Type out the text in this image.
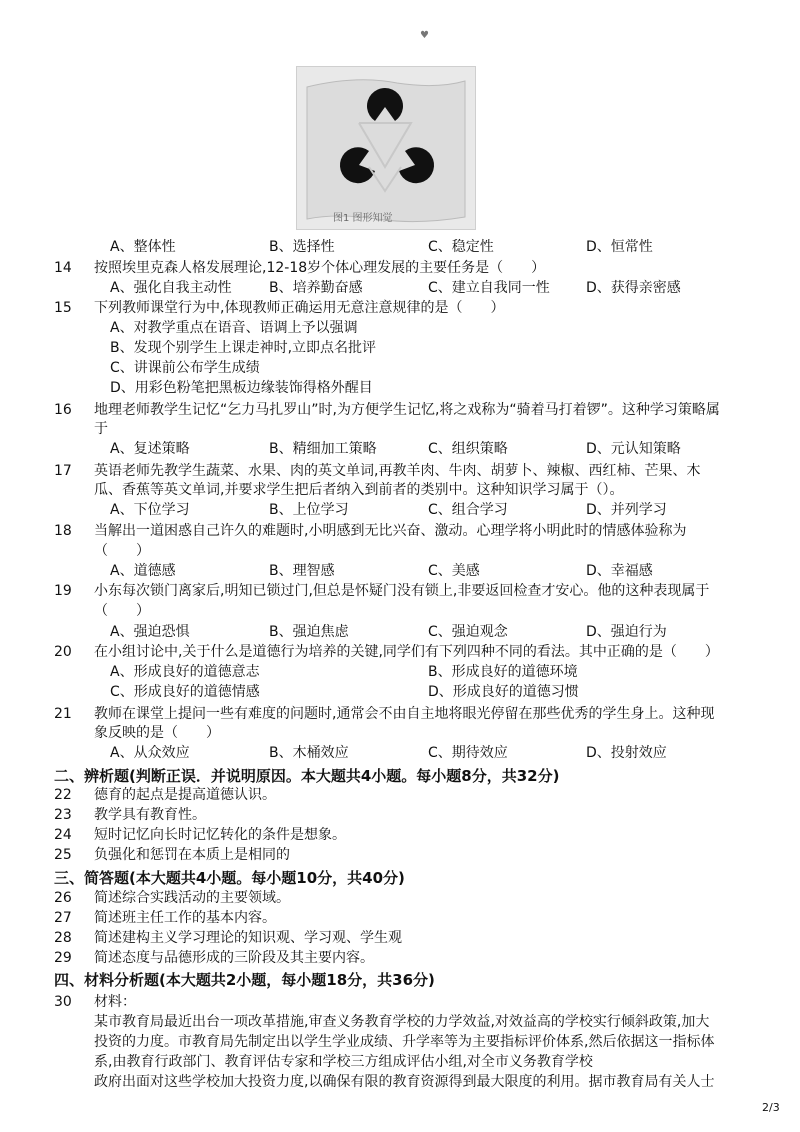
♥
图1 图形知觉
A、整体性	B、选择性	C、稳定性	D、恒常性
14	按照埃里克森人格发展理论,12-18岁个体心理发展的主要任务是（　　）
A、强化自我主动性	B、培养勤奋感	C、建立自我同一性	D、获得亲密感
15	下列教师课堂行为中,体现教师正确运用无意注意规律的是（　　）
A、对教学重点在语音、语调上予以强调
B、发现个别学生上课走神时,立即点名批评
C、讲课前公布学生成绩
D、用彩色粉笔把黑板边缘装饰得格外醒目
16	地理老师教学生记忆“乞力马扎罗山”时,为方便学生记忆,将之戏称为“骑着马打着锣”。这种学习策略属
于
A、复述策略	B、精细加工策略	C、组织策略	D、元认知策略
17	英语老师先教学生蔬菜、水果、肉的英文单词,再教羊肉、牛肉、胡萝卜、辣椒、西红柿、芒果、木
瓜、香蕉等英文单词,并要求学生把后者纳入到前者的类别中。这种知识学习属于（）。
A、下位学习	B、上位学习	C、组合学习	D、并列学习
18	当解出一道困惑自己许久的难题时,小明感到无比兴奋、激动。心理学将小明此时的情感体验称为
（　　）
A、道德感	B、理智感	C、美感	D、幸福感
19	小东每次锁门离家后,明知已锁过门,但总是怀疑门没有锁上,非要返回检查才安心。他的这种表现属于
（　　）
A、强迫恐惧	B、强迫焦虑	C、强迫观念	D、强迫行为
20	在小组讨论中,关于什么是道德行为培养的关键,同学们有下列四种不同的看法。其中正确的是（　　）
A、形成良好的道德意志	B、形成良好的道德环境
C、形成良好的道德情感	D、形成良好的道德习惯
21	教师在课堂上提问一些有难度的问题时,通常会不由自主地将眼光停留在那些优秀的学生身上。这种现
象反映的是（　　）
A、从众效应	B、木桶效应	C、期待效应	D、投射效应
二、辨析题(判断正误．并说明原因。本大题共4小题。每小题8分，共32分)
22	德育的起点是提高道德认识。
23	教学具有教育性。
24	短时记忆向长时记忆转化的条件是想象。
25	负强化和惩罚在本质上是相同的
三、简答题(本大题共4小题。每小题10分，共40分)
26	简述综合实践活动的主要领域。
27	简述班主任工作的基本内容。
28	简述建构主义学习理论的知识观、学习观、学生观
29	简述态度与品德形成的三阶段及其主要内容。
四、材料分析题(本大题共2小题，每小题18分，共36分)
30	材料：
某市教育局最近出台一项改革措施,审查义务教育学校的力学效益,对效益高的学校实行倾斜政策,加大
投资的力度。市教育局先制定出以学生学业成绩、升学率等为主要指标评价体系,然后依据这一指标体
系,由教育行政部门、教育评估专家和学校三方组成评估小组,对全市义务教育学校
政府出面对这些学校加大投资力度,以确保有限的教育资源得到最大限度的利用。据市教育局有关人士
2/3
